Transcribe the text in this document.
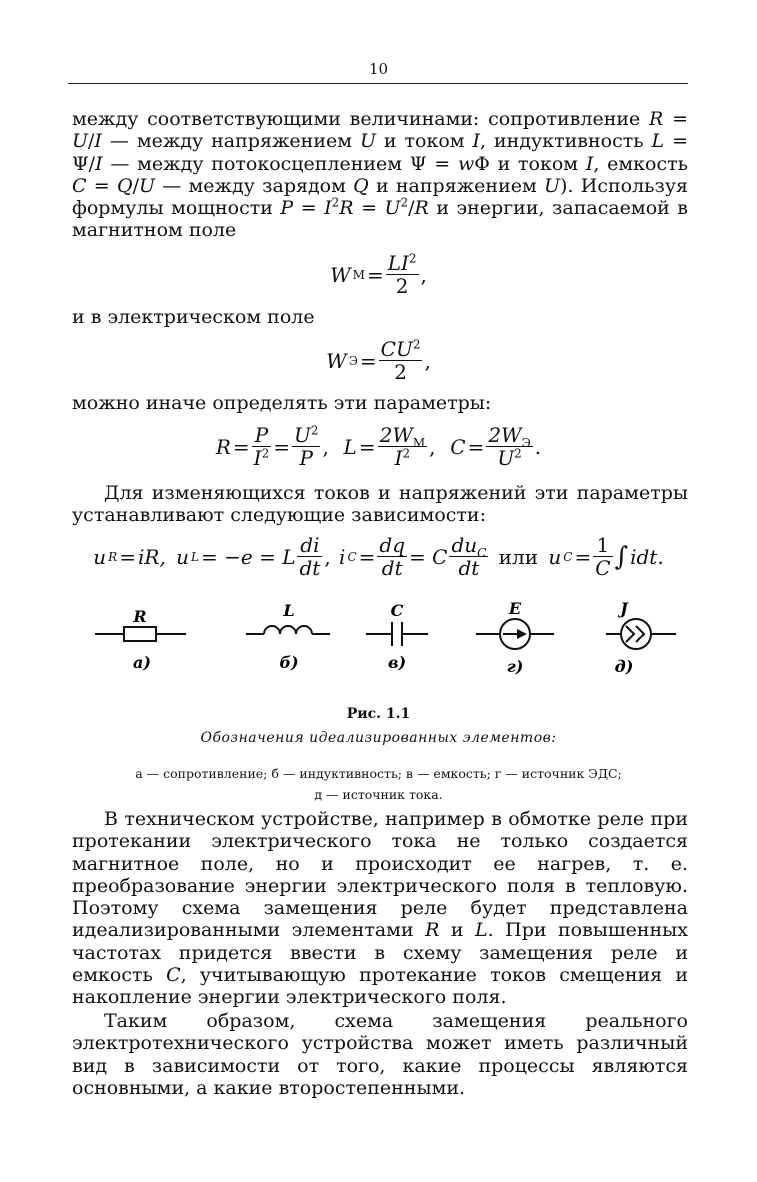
10

между соответствующими величинами: сопротивление R = U/I — между напряжением U и током I, индуктивность L = Ψ/I — между потокосцеплением Ψ = wΦ и током I, емкость C = Q/U — между зарядом Q и напряжением U). Используя формулы мощности $P = I^2R = U^2/R$ и энергии, запасаемой в магнитном поле

W $М = \frac{LI^2}{2}$ ,

и в электрическом поле

W $Э = \frac{CU^2}{2}$ ,

можно иначе определять эти параметры:

$R = \frac{P}{I^2} = \frac{U^2}{P}$ , $L = \frac{2W_М}{I^2}$ , $C = \frac{2W_Э}{U^2}$ .

Для изменяющихся токов и напряжений эти параметры устанавливают следующие зависимости:

u R = iR,
u L = −e = L $\frac{di}{dt}$ , i $C = \frac{dq}{dt} = C \frac{du_C}{dt}$
или
u $C = \frac{1}{C}$ ∫ idt.
R
а)
L
б)
C
в)
E
г)
J
д)
Рис. 1.1
Обозначения идеализированных элементов:
а — сопротивление; б — индуктивность; в — емкость; г — источник ЭДС;
д — источник тока.

В техническом устройстве, например в обмотке реле при протекании электрического тока не только создается магнитное поле, но и происходит ее нагрев, т. е. преобразование энергии электрического поля в тепловую. Поэтому схема замещения реле будет представлена идеализированными элементами R и L. При повышенных частотах придется ввести в схему замещения реле и емкость C, учитывающую протекание токов смещения и накопление энергии электрического поля.

Таким образом, схема замещения реального электротехнического устройства может иметь различный вид в зависимости от того, какие процессы являются основными, а какие второстепенными.
